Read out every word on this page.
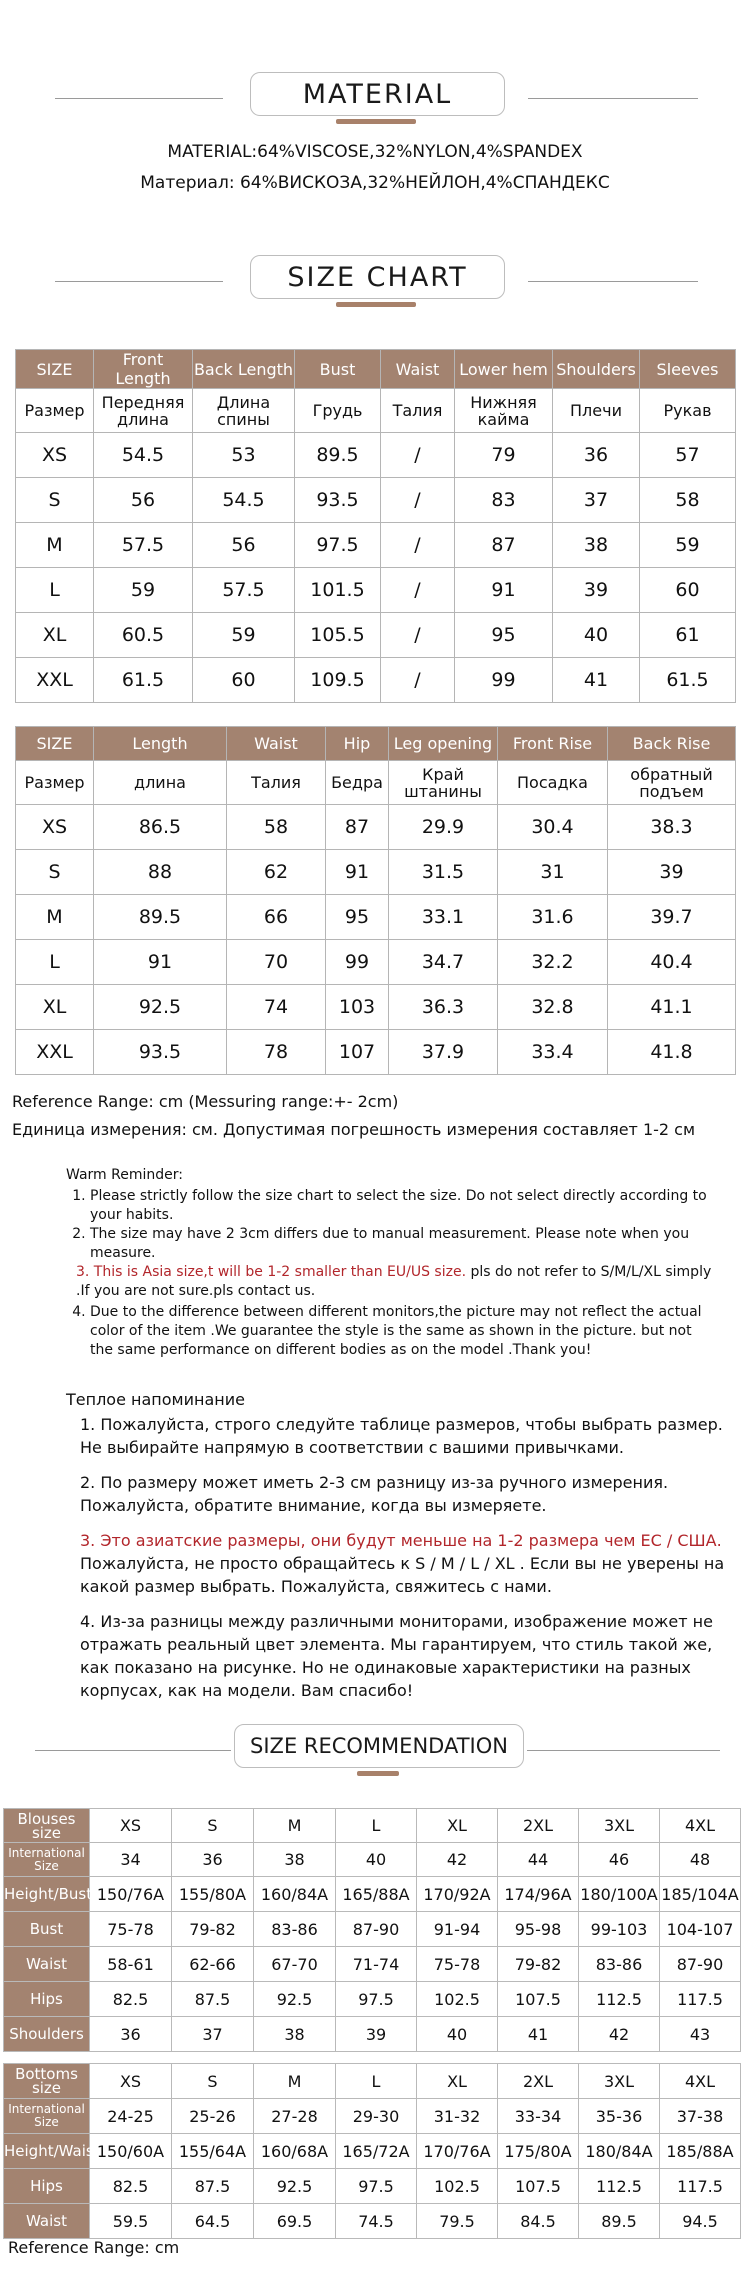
MATERIAL
MATERIAL:64%VISCOSE,32%NYLON,4%SPANDEX
Материал: 64%ВИСКОЗА,32%НЕЙЛОН,4%СПАНДЕКС
SIZE CHART
SIZE	Front Length	Back Length	Bust	Waist	Lower hem	Shoulders	Sleeves
Размер	Передняя длина	Длина спины	Грудь	Талия	Нижняя кайма	Плечи	Рукав
XS	54.5	53	89.5	/	79	36	57
S	56	54.5	93.5	/	83	37	58
M	57.5	56	97.5	/	87	38	59
L	59	57.5	101.5	/	91	39	60
XL	60.5	59	105.5	/	95	40	61
XXL	61.5	60	109.5	/	99	41	61.5
SIZE	Length	Waist	Hip	Leg opening	Front Rise	Back Rise
Размер	длина	Талия	Бедра	Край штанины	Посадка	обратный подъем
XS	86.5	58	87	29.9	30.4	38.3
S	88	62	91	31.5	31	39
M	89.5	66	95	33.1	31.6	39.7
L	91	70	99	34.7	32.2	40.4
XL	92.5	74	103	36.3	32.8	41.1
XXL	93.5	78	107	37.9	33.4	41.8
Reference Range: cm (Messuring range:+- 2cm)
Единица измерения: см. Допустимая погрешность измерения составляет 1-2 см
Warm Reminder:
1. Please strictly follow the size chart to select the size. Do not select directly according to your habits.
2. The size may have 2 3cm differs due to manual measurement. Please note when you measure.
3. This is Asia size,t will be 1-2 smaller than EU/US size. pls do not refer to S/M/L/XL simply .If you are not sure.pls contact us.
4. Due to the difference between different monitors,the picture may not reflect the actual color of the item .We guarantee the style is the same as shown in the picture. but not the same performance on different bodies as on the model .Thank you!
Теплое напоминание

1. Пожалуйста, строго следуйте таблице размеров, чтобы выбрать размер. Не выбирайте напрямую в соответствии с вашими привычками.

2. По размеру может иметь 2-3 см разницу из-за ручного измерения. Пожалуйста, обратите внимание, когда вы измеряете.

3. Это азиатские размеры, они будут меньше на 1-2 размера чем ЕС / США.
Пожалуйста, не просто обращайтесь к S / M / L / XL . Если вы не уверены на какой размер выбрать. Пожалуйста, свяжитесь с нами.

4. Из-за разницы между различными мониторами, изображение может не отражать реальный цвет элемента. Мы гарантируем, что стиль такой же, как показано на рисунке. Но не одинаковые характеристики на разных корпусах, как на модели. Вам спасибо!

SIZE RECOMMENDATION
Blouses size	XS	S	M	L	XL	2XL	3XL	4XL
International Size	34	36	38	40	42	44	46	48
Height/Bust	150/76A	155/80A	160/84A	165/88A	170/92A	174/96A	180/100A	185/104A
Bust	75-78	79-82	83-86	87-90	91-94	95-98	99-103	104-107
Waist	58-61	62-66	67-70	71-74	75-78	79-82	83-86	87-90
Hips	82.5	87.5	92.5	97.5	102.5	107.5	112.5	117.5
Shoulders	36	37	38	39	40	41	42	43
Bottoms size	XS	S	M	L	XL	2XL	3XL	4XL
International Size	24-25	25-26	27-28	29-30	31-32	33-34	35-36	37-38
Height/Waist	150/60A	155/64A	160/68A	165/72A	170/76A	175/80A	180/84A	185/88A
Hips	82.5	87.5	92.5	97.5	102.5	107.5	112.5	117.5
Waist	59.5	64.5	69.5	74.5	79.5	84.5	89.5	94.5
Reference Range: cm
